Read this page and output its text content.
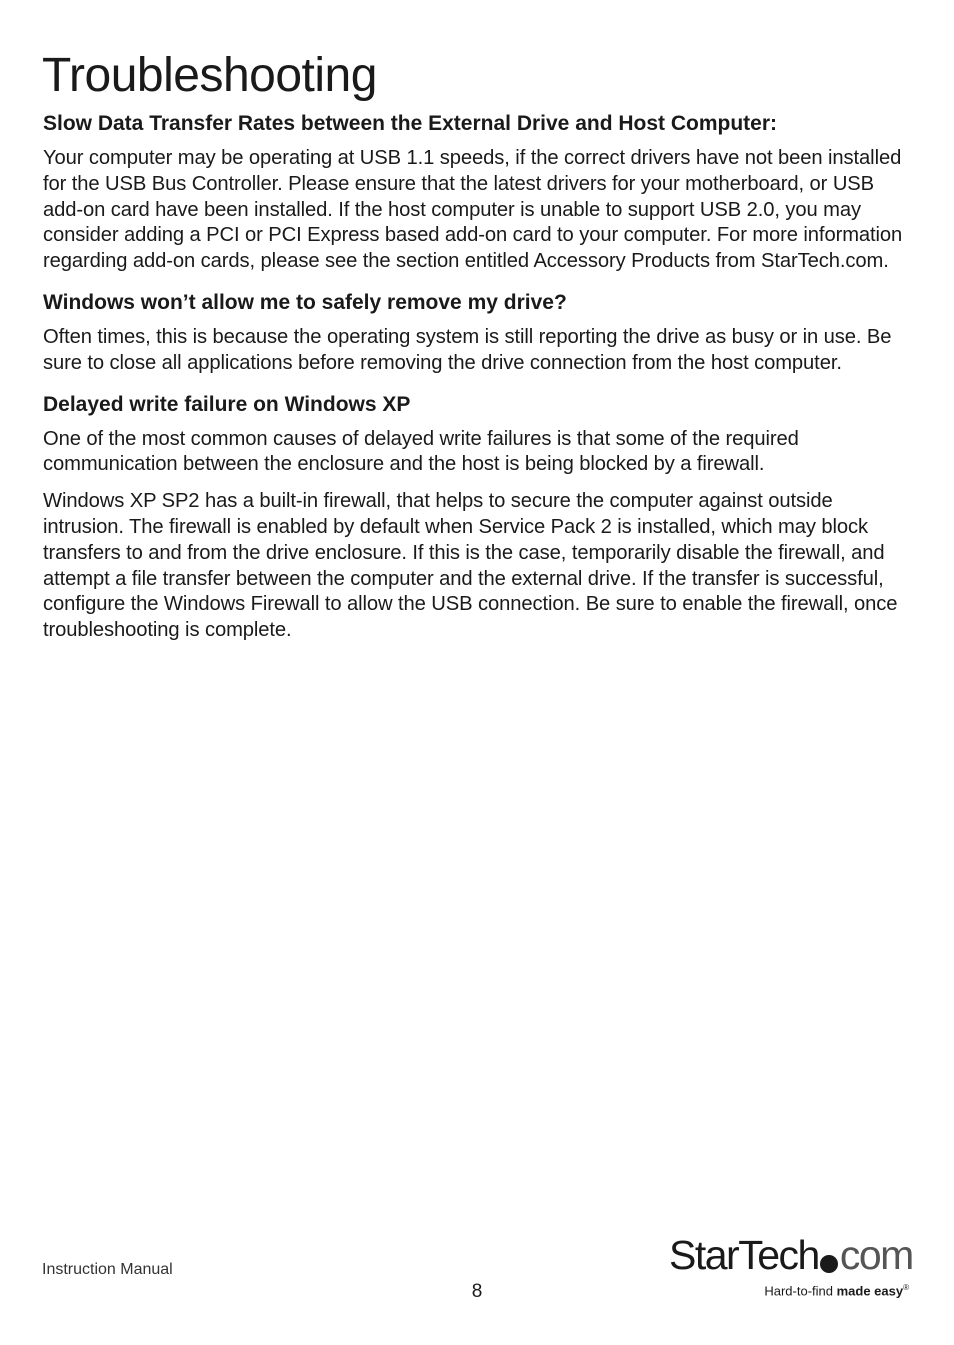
Troubleshooting
Slow Data Transfer Rates between the External Drive and Host Computer:

Your computer may be operating at USB 1.1 speeds, if the correct drivers have not been installed for the USB Bus Controller. Please ensure that the latest drivers for your motherboard, or USB add-on card have been installed. If the host computer is unable to support USB 2.0, you may consider adding a PCI or PCI Express based add-on card to your computer. For more information regarding add-on cards, please see the section entitled Accessory Products from StarTech.com.

Windows won’t allow me to safely remove my drive?

Often times, this is because the operating system is still reporting the drive as busy or in use. Be sure to close all applications before removing the drive connection from the host computer.

Delayed write failure on Windows XP

One of the most common causes of delayed write failures is that some of the required communication between the enclosure and the host is being blocked by a firewall.

Windows XP SP2 has a built-in firewall, that helps to secure the computer against outside intrusion. The firewall is enabled by default when Service Pack 2 is installed, which may block transfers to and from the drive enclosure. If this is the case, temporarily disable the firewall, and attempt a file transfer between the computer and the external drive. If the transfer is successful, configure the Windows Firewall to allow the USB connection. Be sure to enable the firewall, once troubleshooting is complete.

Instruction Manual
8
StarTech com
Hard-to-find made easy®
